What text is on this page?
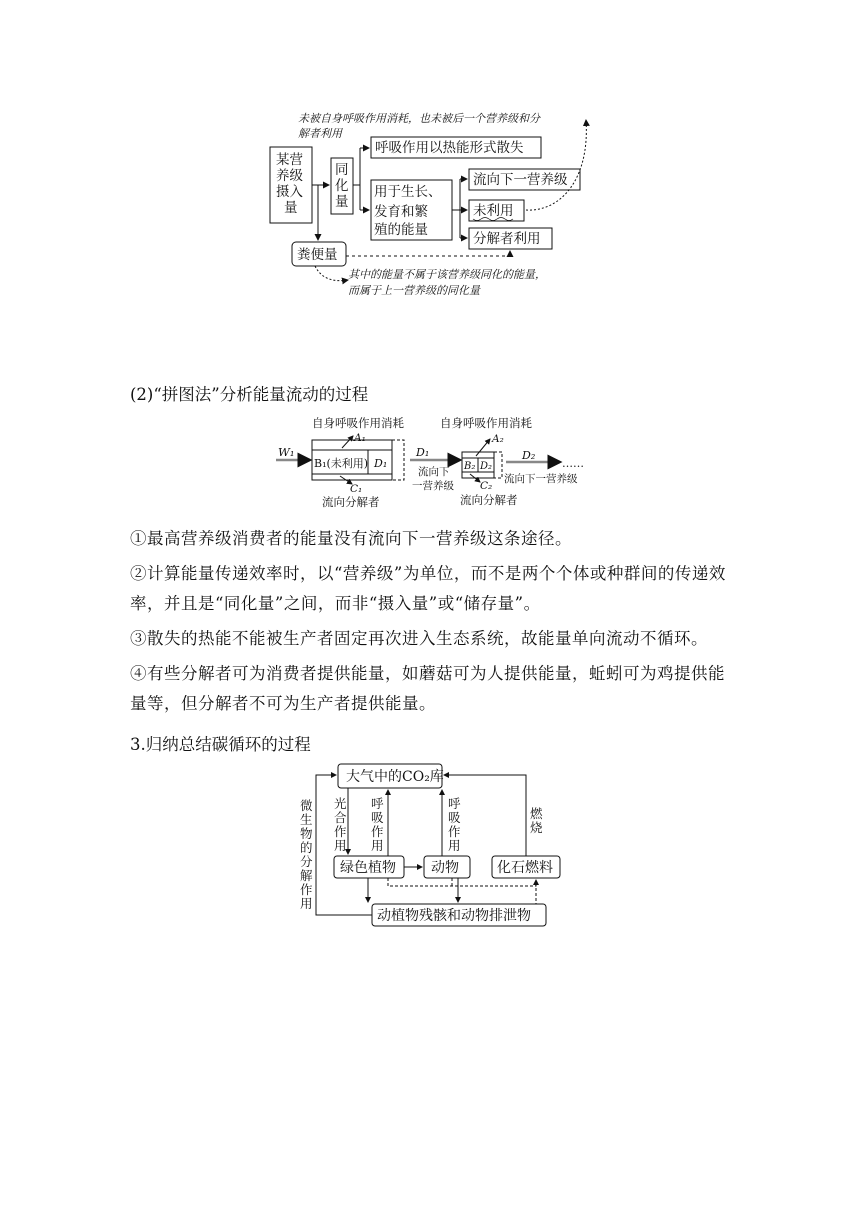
未被自身呼吸作用消耗，也未被后一个营养级和分
解者利用
某营
养级
摄入
量
同
化
量
呼吸作用以热能形式散失
用于生长、
发育和繁
殖的能量
流向下一营养级
未利用
分解者利用
粪便量
其中的能量不属于该营养级同化的能量，
而属于上一营养级的同化量
(2)“拼图法”分析能量流动的过程
自身呼吸作用消耗	自身呼吸作用消耗
W₁
A₁
B₁(未利用) D₁
C₁
流向分解者
D₁
流向下
一营养级
A₂
B₂ D₂
C₂
流向分解者
D₂
流向下一营养级
……
①最高营养级消费者的能量没有流向下一营养级这条途径。
②计算能量传递效率时，以“营养级”为单位，而不是两个个体或种群间的传递效率，并且是“同化量”之间，而非“摄入量”或“储存量”。
③散失的热能不能被生产者固定再次进入生态系统，故能量单向流动不循环。
④有些分解者可为消费者提供能量，如蘑菇可为人提供能量，蚯蚓可为鸡提供能量等，但分解者不可为生产者提供能量。
3.归纳总结碳循环的过程
大气中的CO₂库
绿色植物	动物	化石燃料
动植物残骸和动物排泄物
微
生
物
的
分
解
作
用
光
合
作
用
呼
吸
作
用
呼
吸
作
用
燃
烧
